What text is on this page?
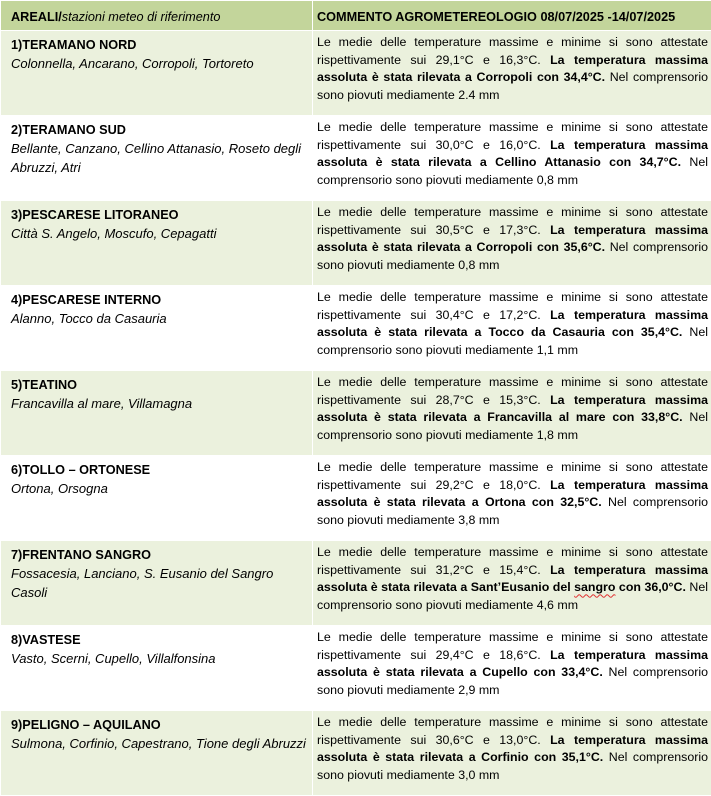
AREALI/stazioni meteo di riferimento	COMMENTO AGROMETEREOLOGIO 08/07/2025 -14/07/2025

1)TERAMANO NORD
Colonnella, Ancarano, Corropoli, Tortoreto	Le medie delle temperature massime e minime si sono attestate rispettivamente sui 29,1°C e 16,3°C. La temperatura massima assoluta è stata rilevata a Corropoli con 34,4°C. Nel comprensorio sono piovuti mediamente 2.4 mm

2)TERAMANO SUD
Bellante, Canzano, Cellino Attanasio, Roseto degli Abruzzi, Atri	Le medie delle temperature massime e minime si sono attestate rispettivamente sui 30,0°C e 16,0°C. La temperatura massima assoluta è stata rilevata a Cellino Attanasio con 34,7°C. Nel comprensorio sono piovuti mediamente 0,8 mm

3)PESCARESE LITORANEO
Città S. Angelo, Moscufo, Cepagatti	Le medie delle temperature massime e minime si sono attestate rispettivamente sui 30,5°C e 17,3°C. La temperatura massima assoluta è stata rilevata a Corropoli con 35,6°C. Nel comprensorio sono piovuti mediamente 0,8 mm

4)PESCARESE INTERNO
Alanno, Tocco da Casauria	Le medie delle temperature massime e minime si sono attestate rispettivamente sui 30,4°C e 17,2°C. La temperatura massima assoluta è stata rilevata a Tocco da Casauria con 35,4°C. Nel comprensorio sono piovuti mediamente 1,1 mm

5)TEATINO
Francavilla al mare, Villamagna	Le medie delle temperature massime e minime si sono attestate rispettivamente sui 28,7°C e 15,3°C. La temperatura massima assoluta è stata rilevata a Francavilla al mare con 33,8°C. Nel comprensorio sono piovuti mediamente 1,8 mm

6)TOLLO – ORTONESE
Ortona, Orsogna	Le medie delle temperature massime e minime si sono attestate rispettivamente sui 29,2°C e 18,0°C. La temperatura massima assoluta è stata rilevata a Ortona con 32,5°C. Nel comprensorio sono piovuti mediamente 3,8 mm

7)FRENTANO SANGRO
Fossacesia, Lanciano, S. Eusanio del Sangro Casoli	Le medie delle temperature massime e minime si sono attestate rispettivamente sui 31,2°C e 15,4°C. La temperatura massima assoluta è stata rilevata a Sant’Eusanio del sangro con 36,0°C. Nel comprensorio sono piovuti mediamente 4,6 mm

8)VASTESE
Vasto, Scerni, Cupello, Villalfonsina	Le medie delle temperature massime e minime si sono attestate rispettivamente sui 29,4°C e 18,6°C. La temperatura massima assoluta è stata rilevata a Cupello con 33,4°C. Nel comprensorio sono piovuti mediamente 2,9 mm

9)PELIGNO – AQUILANO
Sulmona, Corfinio, Capestrano, Tione degli Abruzzi	Le medie delle temperature massime e minime si sono attestate rispettivamente sui 30,6°C e 13,0°C. La temperatura massima assoluta è stata rilevata a Corfinio con 35,1°C. Nel comprensorio sono piovuti mediamente 3,0 mm
